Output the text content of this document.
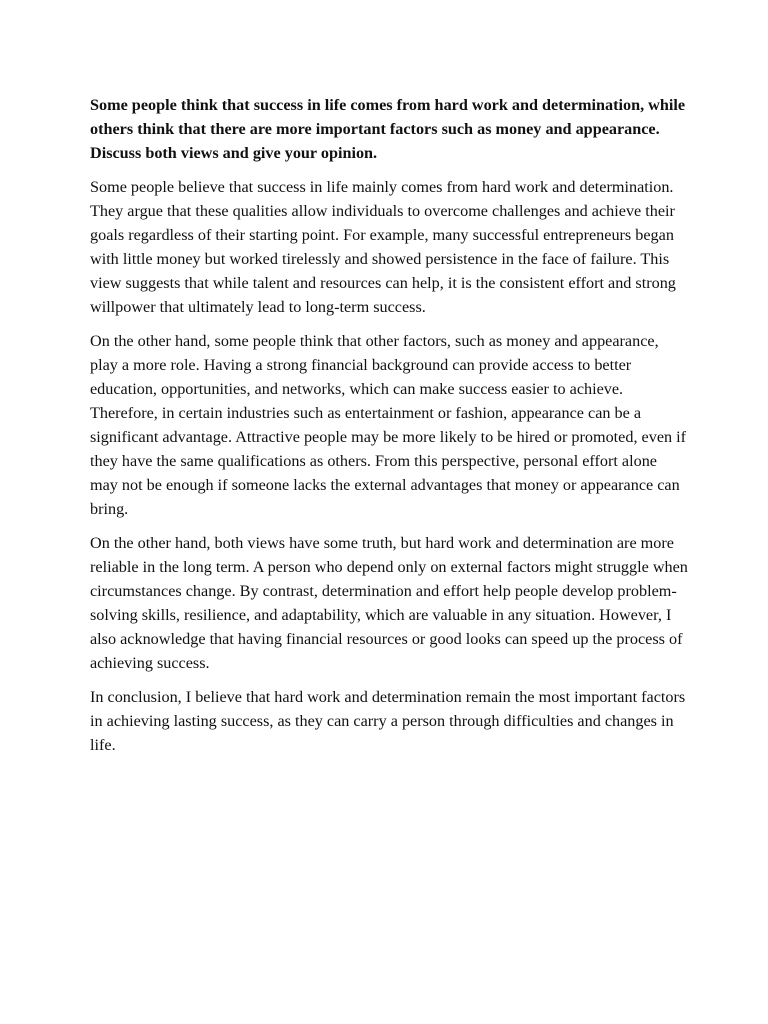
Some people think that success in life comes from hard work and determination, while others think that there are more important factors such as money and appearance. Discuss both views and give your opinion.

Some people believe that success in life mainly comes from hard work and determination. They argue that these qualities allow individuals to overcome challenges and achieve their goals regardless of their starting point. For example, many successful entrepreneurs began with little money but worked tirelessly and showed persistence in the face of failure. This view suggests that while talent and resources can help, it is the consistent effort and strong willpower that ultimately lead to long-term success.

On the other hand, some people think that other factors, such as money and appearance, play a more role. Having a strong financial background can provide access to better education, opportunities, and networks, which can make success easier to achieve. Therefore, in certain industries such as entertainment or fashion, appearance can be a significant advantage. Attractive people may be more likely to be hired or promoted, even if they have the same qualifications as others. From this perspective, personal effort alone may not be enough if someone lacks the external advantages that money or appearance can bring.

On the other hand, both views have some truth, but hard work and determination are more reliable in the long term. A person who depend only on external factors might struggle when circumstances change. By contrast, determination and effort help people develop problem-solving skills, resilience, and adaptability, which are valuable in any situation. However, I also acknowledge that having financial resources or good looks can speed up the process of achieving success.

In conclusion, I believe that hard work and determination remain the most important factors in achieving lasting success, as they can carry a person through difficulties and changes in life.
